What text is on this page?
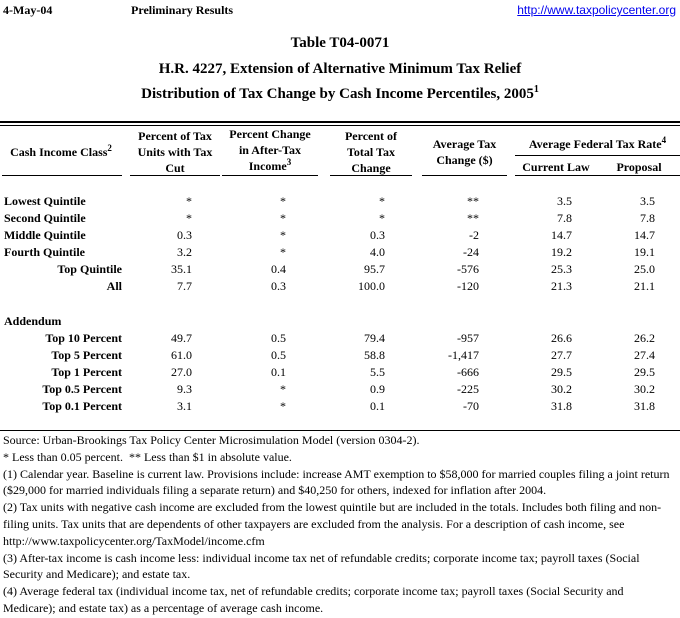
4-May-04	Preliminary Results	http://www.taxpolicycenter.org
Table T04-0071
H.R. 4227, Extension of Alternative Minimum Tax Relief
Distribution of Tax Change by Cash Income Percentiles, 2005$^1$
Cash Income Class$^2$
Percent of Tax
Units with Tax
Cut
Percent Change
in After-Tax
Income$^3$
Percent of
Total Tax
Change
Average Tax
Change ($)
Average Federal Tax Rate$^4$
Current Law	Proposal
Lowest Quintile	*	*	*	**	3.5	3.5
Second Quintile	*	*	*	**	7.8	7.8
Middle Quintile	0.3	*	0.3	-2	14.7	14.7
Fourth Quintile	3.2	*	4.0	-24	19.2	19.1
Top Quintile	35.1	0.4	95.7	-576	25.3	25.0
All	7.7	0.3	100.0	-120	21.3	21.1
Addendum
Top 10 Percent	49.7	0.5	79.4	-957	26.6	26.2
Top 5 Percent	61.0	0.5	58.8	-1,417	27.7	27.4
Top 1 Percent	27.0	0.1	5.5	-666	29.5	29.5
Top 0.5 Percent	9.3	*	0.9	-225	30.2	30.2
Top 0.1 Percent	3.1	*	0.1	-70	31.8	31.8
Source: Urban-Brookings Tax Policy Center Microsimulation Model (version 0304-2).
* Less than 0.05 percent.  ** Less than $1 in absolute value.
(1) Calendar year. Baseline is current law. Provisions include: increase AMT exemption to $58,000 for married couples filing a joint return ($29,000 for married individuals filing a separate return) and $40,250 for others, indexed for inflation after 2004.
(2) Tax units with negative cash income are excluded from the lowest quintile but are included in the totals. Includes both filing and non-filing units. Tax units that are dependents of other taxpayers are excluded from the analysis. For a description of cash income, see http://www.taxpolicycenter.org/TaxModel/income.cfm
(3) After-tax income is cash income less: individual income tax net of refundable credits; corporate income tax; payroll taxes (Social Security and Medicare); and estate tax.
(4) Average federal tax (individual income tax, net of refundable credits; corporate income tax; payroll taxes (Social Security and Medicare); and estate tax) as a percentage of average cash income.
